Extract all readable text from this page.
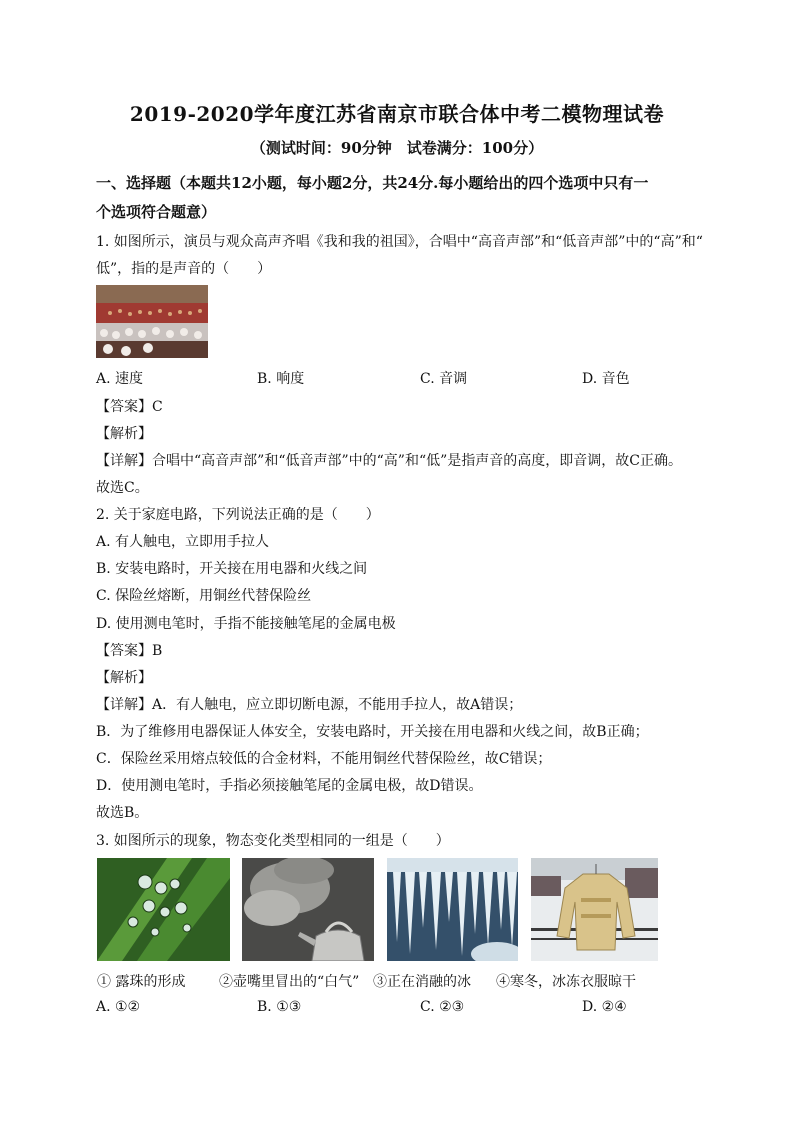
2019-2020学年度江苏省南京市联合体中考二模物理试卷
（测试时间：90分钟　试卷满分：100分）
一、选择题（本题共12小题，每小题2分，共24分.每小题给出的四个选项中只有一
个选项符合题意）
1. 如图所示，演员与观众高声齐唱《我和我的祖国》，合唱中“高音声部”和“低音声部”中的“高”和“
低”，指的是声音的（　　）
A. 速度	B. 响度	C. 音调	D. 音色
【答案】C
【解析】
【详解】合唱中“高音声部”和“低音声部”中的“高”和“低”是指声音的高度，即音调，故C正确。
故选C。
2. 关于家庭电路，下列说法正确的是（　　）
A. 有人触电，立即用手拉人
B. 安装电路时，开关接在用电器和火线之间
C. 保险丝熔断，用铜丝代替保险丝
D. 使用测电笔时，手指不能接触笔尾的金属电极
【答案】B
【解析】
【详解】A．有人触电，应立即切断电源，不能用手拉人，故A错误；
B．为了维修用电器保证人体安全，安装电路时，开关接在用电器和火线之间，故B正确；
C．保险丝采用熔点较低的合金材料，不能用铜丝代替保险丝，故C错误；
D．使用测电笔时，手指必须接触笔尾的金属电极，故D错误。
故选B。
3. 如图所示的现象，物态变化类型相同的一组是（　　）
① 露珠的形成 ②壶嘴里冒出的“白气” ③正在消融的冰 ④寒冬，冰冻衣服晾干
A. ①②	B. ①③	C. ②③	D. ②④
